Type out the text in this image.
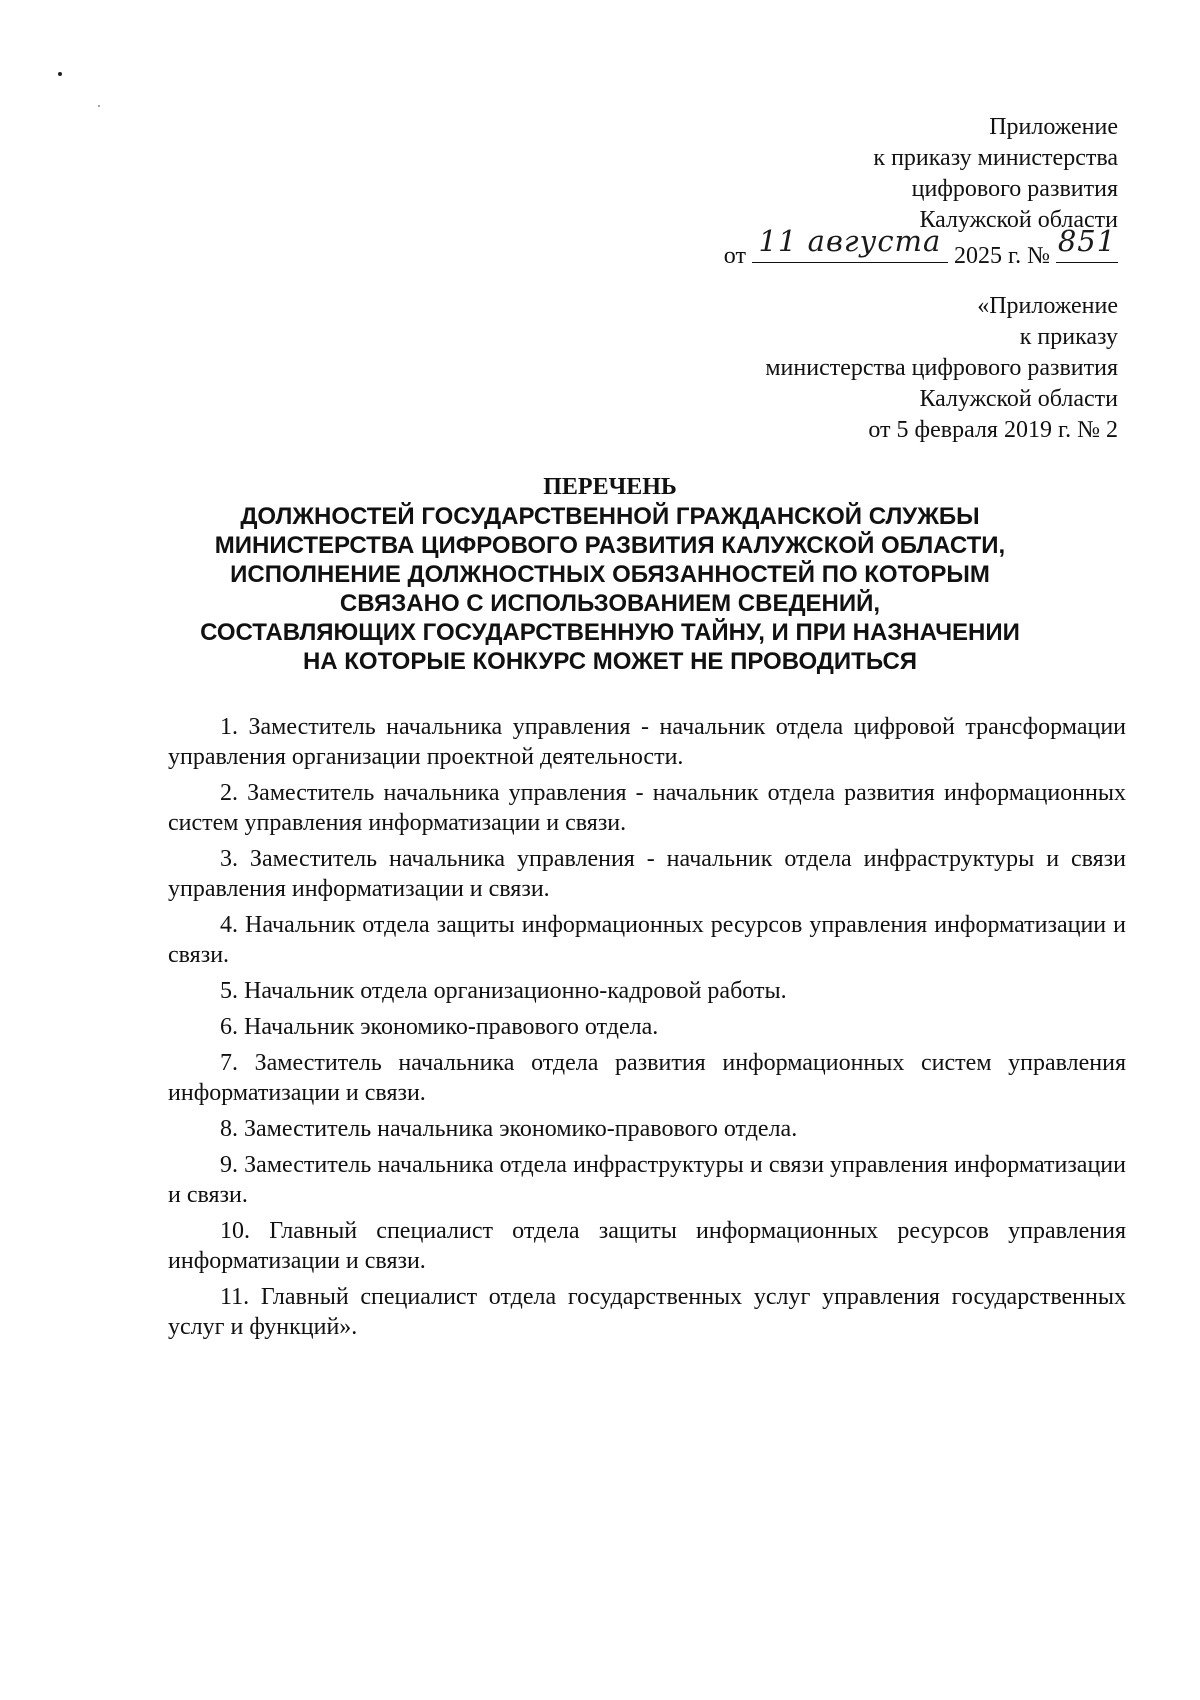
Приложение
к приказу министерства
цифрового развития
Калужской области
от 11 августа 2025 г. № 851
«Приложение
к приказу
министерства цифрового развития
Калужской области
от 5 февраля 2019 г. № 2
ПЕРЕЧЕНЬ
ДОЛЖНОСТЕЙ ГОСУДАРСТВЕННОЙ ГРАЖДАНСКОЙ СЛУЖБЫ
МИНИСТЕРСТВА ЦИФРОВОГО РАЗВИТИЯ КАЛУЖСКОЙ ОБЛАСТИ,
ИСПОЛНЕНИЕ ДОЛЖНОСТНЫХ ОБЯЗАННОСТЕЙ ПО КОТОРЫМ
СВЯЗАНО С ИСПОЛЬЗОВАНИЕМ СВЕДЕНИЙ,
СОСТАВЛЯЮЩИХ ГОСУДАРСТВЕННУЮ ТАЙНУ, И ПРИ НАЗНАЧЕНИИ
НА КОТОРЫЕ КОНКУРС МОЖЕТ НЕ ПРОВОДИТЬСЯ

1. Заместитель начальника управления - начальник отдела цифровой трансформации управления организации проектной деятельности.

2. Заместитель начальника управления - начальник отдела развития информационных систем управления информатизации и связи.

3. Заместитель начальника управления - начальник отдела инфраструктуры и связи управления информатизации и связи.

4. Начальник отдела защиты информационных ресурсов управления информатизации и связи.

5. Начальник отдела организационно-кадровой работы.

6. Начальник экономико-правового отдела.

7. Заместитель начальника отдела развития информационных систем управления информатизации и связи.

8. Заместитель начальника экономико-правового отдела.

9. Заместитель начальника отдела инфраструктуры и связи управления информатизации и связи.

10. Главный специалист отдела защиты информационных ресурсов управления информатизации и связи.

11. Главный специалист отдела государственных услуг управления государственных услуг и функций».
